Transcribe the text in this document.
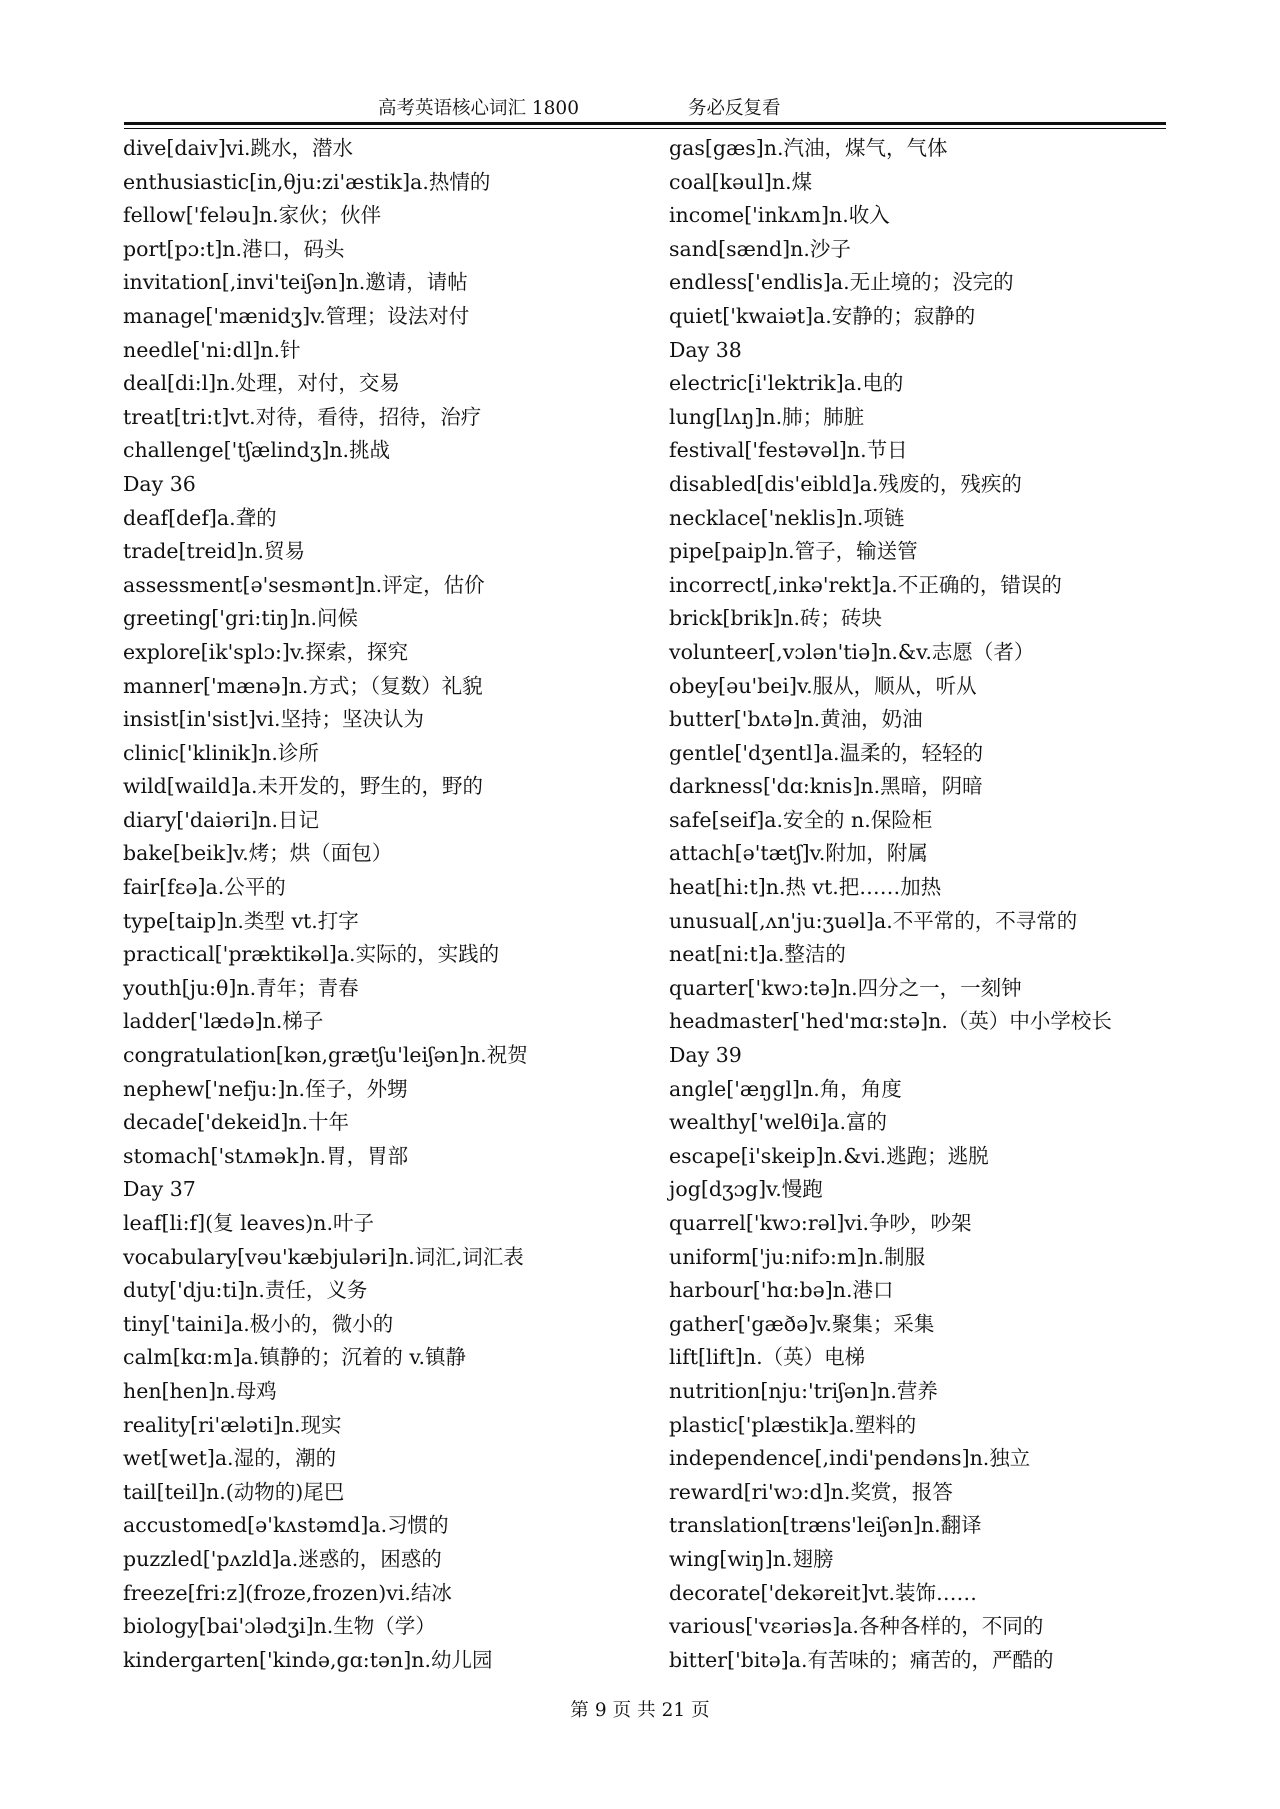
高考英语核心词汇 1800	务必反复看
dive[daiv]vi.跳水，潜水
enthusiastic[in,θju:zi'æstik]a.热情的
fellow['feləu]n.家伙；伙伴
port[pɔ:t]n.港口，码头
invitation[,invi'teiʃən]n.邀请，请帖
manage['mænidʒ]v.管理；设法对付
needle['ni:dl]n.针
deal[di:l]n.处理，对付，交易
treat[tri:t]vt.对待，看待，招待，治疗
challenge['tʃælindʒ]n.挑战
Day 36
deaf[def]a.聋的
trade[treid]n.贸易
assessment[ə'sesmənt]n.评定，估价
greeting['gri:tiŋ]n.问候
explore[ik'splɔ:]v.探索，探究
manner['mænə]n.方式；（复数）礼貌
insist[in'sist]vi.坚持；坚决认为
clinic['klinik]n.诊所
wild[waild]a.未开发的，野生的，野的
diary['daiəri]n.日记
bake[beik]v.烤；烘（面包）
fair[fɛə]a.公平的
type[taip]n.类型 vt.打字
practical['præktikəl]a.实际的，实践的
youth[ju:θ]n.青年；青春
ladder['lædə]n.梯子
congratulation[kən,grætʃu'leiʃən]n.祝贺
nephew['nefju:]n.侄子，外甥
decade['dekeid]n.十年
stomach['stʌmək]n.胃，胃部
Day 37
leaf[li:f](复 leaves)n.叶子
vocabulary[vəu'kæbjuləri]n.词汇,词汇表
duty['dju:ti]n.责任，义务
tiny['taini]a.极小的，微小的
calm[kɑ:m]a.镇静的；沉着的 v.镇静
hen[hen]n.母鸡
reality[ri'æləti]n.现实
wet[wet]a.湿的，潮的
tail[teil]n.(动物的)尾巴
accustomed[ə'kʌstəmd]a.习惯的
puzzled['pʌzld]a.迷惑的，困惑的
freeze[fri:z](froze,frozen)vi.结冰
biology[bai'ɔlədʒi]n.生物（学）
kindergarten['kində,gɑ:tən]n.幼儿园
gas[gæs]n.汽油，煤气，气体
coal[kəul]n.煤
income['inkʌm]n.收入
sand[sænd]n.沙子
endless['endlis]a.无止境的；没完的
quiet['kwaiət]a.安静的；寂静的
Day 38
electric[i'lektrik]a.电的
lung[lʌŋ]n.肺；肺脏
festival['festəvəl]n.节日
disabled[dis'eibld]a.残废的，残疾的
necklace['neklis]n.项链
pipe[paip]n.管子，输送管
incorrect[,inkə'rekt]a.不正确的，错误的
brick[brik]n.砖；砖块
volunteer[,vɔlən'tiə]n.&v.志愿（者）
obey[əu'bei]v.服从，顺从，听从
butter['bʌtə]n.黄油，奶油
gentle['dʒentl]a.温柔的，轻轻的
darkness['dɑ:knis]n.黑暗，阴暗
safe[seif]a.安全的 n.保险柜
attach[ə'tætʃ]v.附加，附属
heat[hi:t]n.热 vt.把……加热
unusual[,ʌn'ju:ʒuəl]a.不平常的，不寻常的
neat[ni:t]a.整洁的
quarter['kwɔ:tə]n.四分之一，一刻钟
headmaster['hed'mɑ:stə]n.（英）中小学校长
Day 39
angle['æŋgl]n.角，角度
wealthy['welθi]a.富的
escape[i'skeip]n.&vi.逃跑；逃脱
jog[dʒɔg]v.慢跑
quarrel['kwɔ:rəl]vi.争吵，吵架
uniform['ju:nifɔ:m]n.制服
harbour['hɑ:bə]n.港口
gather['gæðə]v.聚集；采集
lift[lift]n.（英）电梯
nutrition[nju:'triʃən]n.营养
plastic['plæstik]a.塑料的
independence[,indi'pendəns]n.独立
reward[ri'wɔ:d]n.奖赏，报答
translation[træns'leiʃən]n.翻译
wing[wiŋ]n.翅膀
decorate['dekəreit]vt.装饰……
various['vɛəriəs]a.各种各样的，不同的
bitter['bitə]a.有苦味的；痛苦的，严酷的
第 9 页 共 21 页
